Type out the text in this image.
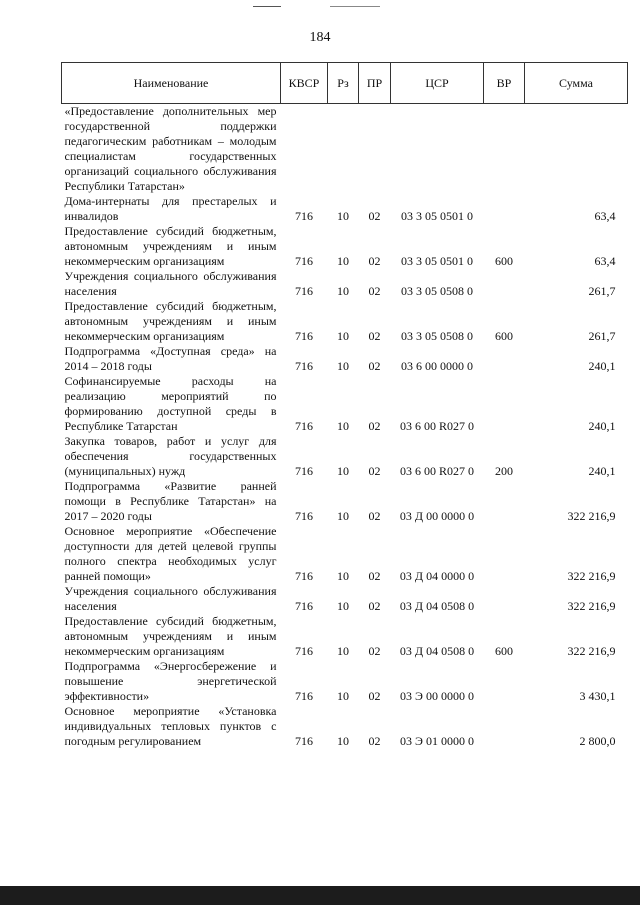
184
Наименование	КВСР	Рз	ПР	ЦСР	ВР	Сумма
«Предоставление дополнительных мер государственной поддержки педагогическим работникам – молодым специалистам государственных организаций социального обслуживания Республики Татарстан»						
Дома-интернаты для престарелых и инвалидов	716	10	02	03 3 05 0501 0		63,4
Предоставление субсидий бюджетным, автономным учреждениям и иным некоммерческим организациям	716	10	02	03 3 05 0501 0	600	63,4
Учреждения социального обслуживания населения	716	10	02	03 3 05 0508 0		261,7
Предоставление субсидий бюджетным, автономным учреждениям и иным некоммерческим организациям	716	10	02	03 3 05 0508 0	600	261,7
Подпрограмма «Доступная среда» на 2014 – 2018 годы	716	10	02	03 6 00 0000 0		240,1
Софинансируемые расходы на реализацию мероприятий по формированию доступной среды в Республике Татарстан	716	10	02	03 6 00 R027 0		240,1
Закупка товаров, работ и услуг для обеспечения государственных (муниципальных) нужд	716	10	02	03 6 00 R027 0	200	240,1
Подпрограмма «Развитие ранней помощи в Республике Татарстан» на 2017 – 2020 годы	716	10	02	03 Д 00 0000 0		322 216,9
Основное мероприятие «Обеспечение доступности для детей целевой группы полного спектра необходимых услуг ранней помощи»	716	10	02	03 Д 04 0000 0		322 216,9
Учреждения социального обслуживания населения	716	10	02	03 Д 04 0508 0		322 216,9
Предоставление субсидий бюджетным, автономным учреждениям и иным некоммерческим организациям	716	10	02	03 Д 04 0508 0	600	322 216,9
Подпрограмма «Энергосбережение и повышение энергетической эффективности»	716	10	02	03 Э 00 0000 0		3 430,1
Основное мероприятие «Установка индивидуальных тепловых пунктов с погодным регулированием	716	10	02	03 Э 01 0000 0		2 800,0
